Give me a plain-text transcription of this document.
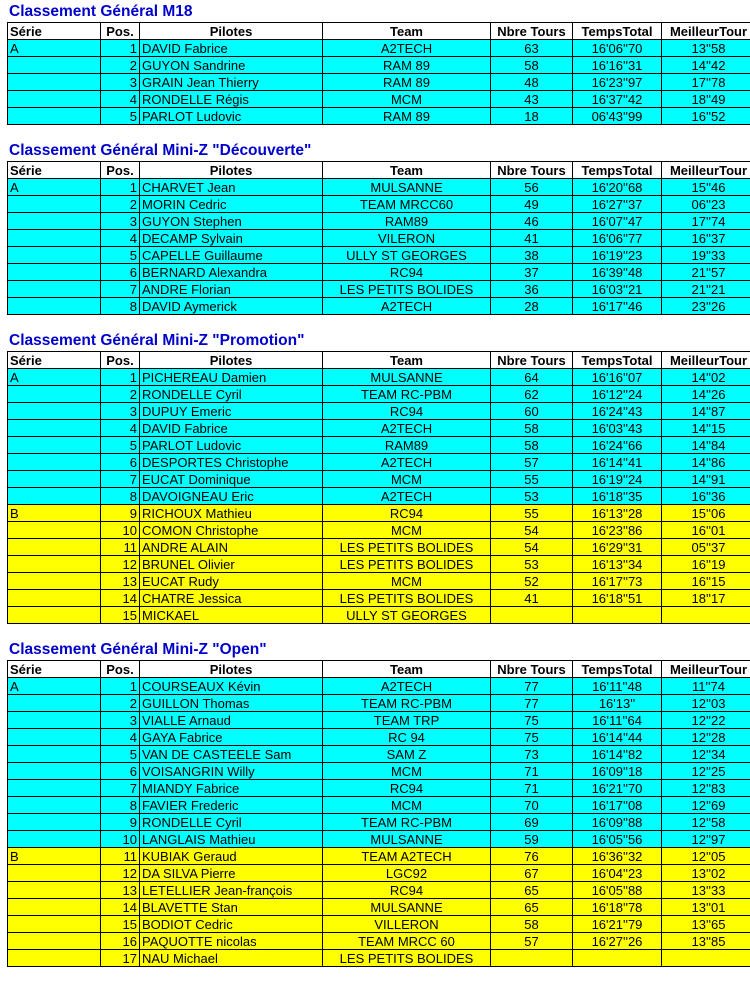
Classement Général M18
Série	Pos.	Pilotes	Team	Nbre Tours	TempsTotal	MeilleurTour
A	1	DAVID Fabrice	A2TECH	63	16'06''70	13''58
	2	GUYON Sandrine	RAM 89	58	16'16''31	14''42
	3	GRAIN Jean Thierry	RAM 89	48	16'23''97	17''78
	4	RONDELLE Régis	MCM	43	16'37''42	18''49
	5	PARLOT Ludovic	RAM 89	18	06'43''99	16''52
Classement Général Mini-Z "Découverte"
Série	Pos.	Pilotes	Team	Nbre Tours	TempsTotal	MeilleurTour
A	1	CHARVET Jean	MULSANNE	56	16'20''68	15''46
	2	MORIN Cedric	TEAM MRCC60	49	16'27''37	06''23
	3	GUYON Stephen	RAM89	46	16'07''47	17''74
	4	DECAMP Sylvain	VILERON	41	16'06''77	16''37
	5	CAPELLE Guillaume	ULLY ST GEORGES	38	16'19''23	19''33
	6	BERNARD Alexandra	RC94	37	16'39''48	21''57
	7	ANDRE Florian	LES PETITS BOLIDES	36	16'03''21	21''21
	8	DAVID Aymerick	A2TECH	28	16'17''46	23''26
Classement Général Mini-Z "Promotion"
Série	Pos.	Pilotes	Team	Nbre Tours	TempsTotal	MeilleurTour
A	1	PICHEREAU Damien	MULSANNE	64	16'16''07	14''02
	2	RONDELLE Cyril	TEAM RC-PBM	62	16'12''24	14''26
	3	DUPUY Emeric	RC94	60	16'24''43	14''87
	4	DAVID Fabrice	A2TECH	58	16'03''43	14''15
	5	PARLOT Ludovic	RAM89	58	16'24''66	14''84
	6	DESPORTES Christophe	A2TECH	57	16'14''41	14''86
	7	EUCAT Dominique	MCM	55	16'19''24	14''91
	8	DAVOIGNEAU Eric	A2TECH	53	16'18''35	16''36
B	9	RICHOUX Mathieu	RC94	55	16'13''28	15''06
	10	COMON Christophe	MCM	54	16'23''86	16''01
	11	ANDRE ALAIN	LES PETITS BOLIDES	54	16'29''31	05''37
	12	BRUNEL Olivier	LES PETITS BOLIDES	53	16'13''34	16''19
	13	EUCAT Rudy	MCM	52	16'17''73	16''15
	14	CHATRE Jessica	LES PETITS BOLIDES	41	16'18''51	18''17
	15	MICKAEL	ULLY ST GEORGES			
Classement Général Mini-Z "Open"
Série	Pos.	Pilotes	Team	Nbre Tours	TempsTotal	MeilleurTour
A	1	COURSEAUX Kévin	A2TECH	77	16'11''48	11''74
	2	GUILLON Thomas	TEAM RC-PBM	77	16'13''	12''03
	3	VIALLE Arnaud	TEAM TRP	75	16'11''64	12''22
	4	GAYA Fabrice	RC 94	75	16'14''44	12''28
	5	VAN DE CASTEELE Sam	SAM Z	73	16'14''82	12''34
	6	VOISANGRIN Willy	MCM	71	16'09''18	12''25
	7	MIANDY Fabrice	RC94	71	16'21''70	12''83
	8	FAVIER Frederic	MCM	70	16'17''08	12''69
	9	RONDELLE Cyril	TEAM RC-PBM	69	16'09''88	12''58
	10	LANGLAIS Mathieu	MULSANNE	59	16'05''56	12''97
B	11	KUBIAK Geraud	TEAM A2TECH	76	16'36''32	12''05
	12	DA SILVA Pierre	LGC92	67	16'04''23	13''02
	13	LETELLIER Jean-françois	RC94	65	16'05''88	13''33
	14	BLAVETTE Stan	MULSANNE	65	16'18''78	13''01
	15	BODIOT Cedric	VILLERON	58	16'21''79	13''65
	16	PAQUOTTE nicolas	TEAM MRCC 60	57	16'27''26	13''85
	17	NAU Michael	LES PETITS BOLIDES			
